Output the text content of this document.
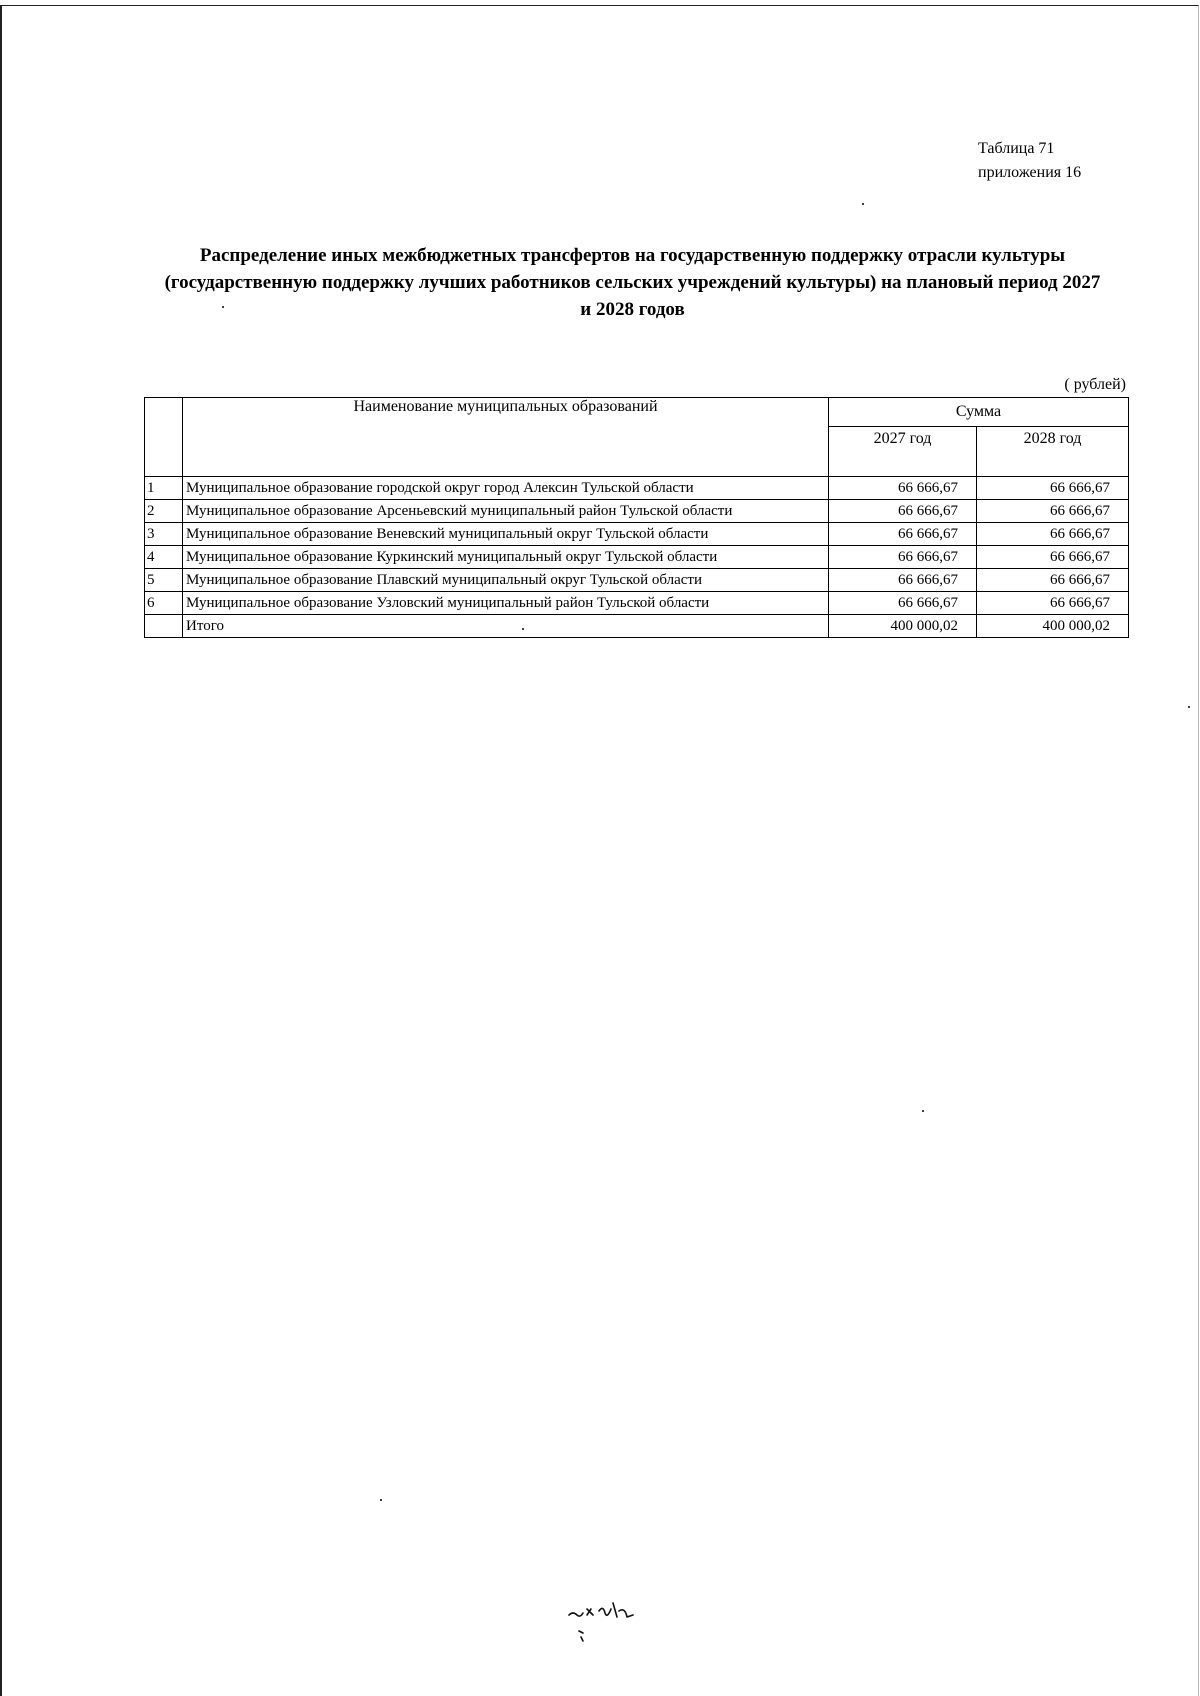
Таблица 71
приложения 16
Распределение иных межбюджетных трансфертов на государственную поддержку отрасли культуры
(государственную поддержку лучших работников сельских учреждений культуры) на плановый период 2027
и 2028 годов
( рублей)
	Наименование муниципальных образований	Сумма	
		2027 год	2028 год
1	Муниципальное образование городской округ город Алексин Тульской области	66 666,67	66 666,67
2	Муниципальное образование Арсеньевский муниципальный район Тульской области	66 666,67	66 666,67
3	Муниципальное образование Веневский муниципальный округ Тульской области	66 666,67	66 666,67
4	Муниципальное образование Куркинский муниципальный округ Тульской области	66 666,67	66 666,67
5	Муниципальное образование Плавский муниципальный округ Тульской области	66 666,67	66 666,67
6	Муниципальное образование Узловский муниципальный район Тульской области	66 666,67	66 666,67
	Итого	400 000,02	400 000,02
